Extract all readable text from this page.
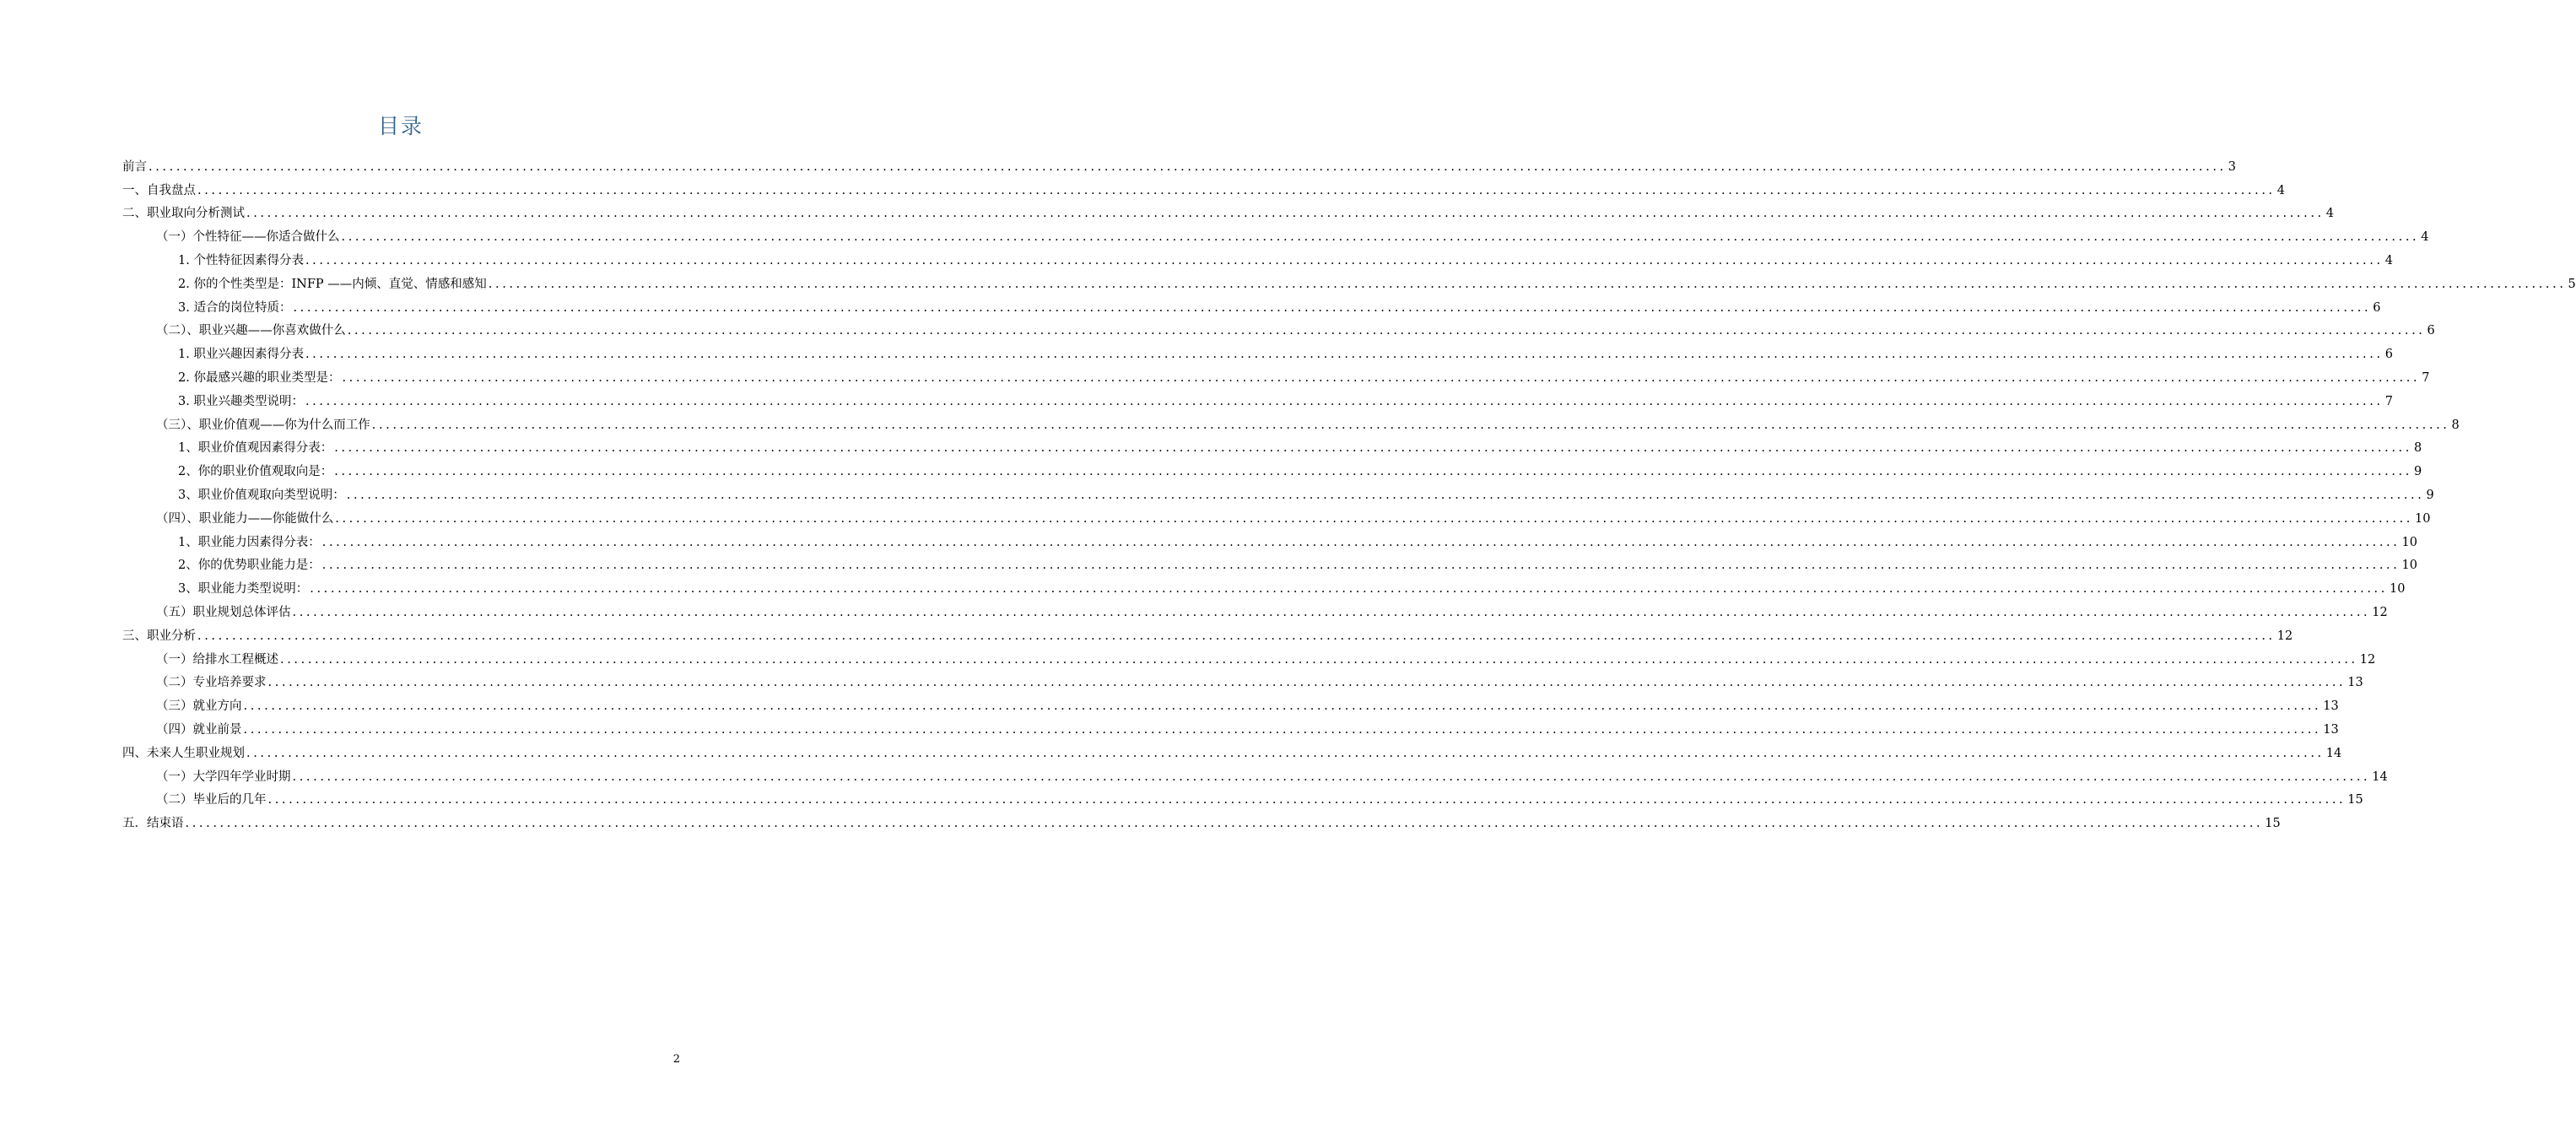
目录
前言 ............................................................................................................................................................................................................................................................................................................ 3
一、自我盘点 ............................................................................................................................................................................................................................................................................................................ 4
二、职业取向分析测试 ............................................................................................................................................................................................................................................................................................................ 4
（一）个性特征——你适合做什么 ............................................................................................................................................................................................................................................................................................................ 4
1. 个性特征因素得分表 ............................................................................................................................................................................................................................................................................................................ 4
2. 你的个性类型是：INFP ——内倾、直觉、情感和感知 ............................................................................................................................................................................................................................................................................................................ 5
3. 适合的岗位特质： ............................................................................................................................................................................................................................................................................................................ 6
（二）、职业兴趣——你喜欢做什么 ............................................................................................................................................................................................................................................................................................................ 6
1. 职业兴趣因素得分表 ............................................................................................................................................................................................................................................................................................................ 6
2. 你最感兴趣的职业类型是： ............................................................................................................................................................................................................................................................................................................ 7
3. 职业兴趣类型说明： ............................................................................................................................................................................................................................................................................................................ 7
（三）、职业价值观——你为什么而工作 ............................................................................................................................................................................................................................................................................................................ 8
1、职业价值观因素得分表： ............................................................................................................................................................................................................................................................................................................ 8
2、你的职业价值观取向是： ............................................................................................................................................................................................................................................................................................................ 9
3、职业价值观取向类型说明： ............................................................................................................................................................................................................................................................................................................ 9
（四）、职业能力——你能做什么 ............................................................................................................................................................................................................................................................................................................ 10
1、职业能力因素得分表： ............................................................................................................................................................................................................................................................................................................ 10
2、你的优势职业能力是： ............................................................................................................................................................................................................................................................................................................ 10
3、职业能力类型说明： ............................................................................................................................................................................................................................................................................................................ 10
（五）职业规划总体评估 ............................................................................................................................................................................................................................................................................................................ 12
三、职业分析 ............................................................................................................................................................................................................................................................................................................ 12
（一）给排水工程概述 ............................................................................................................................................................................................................................................................................................................ 12
（二）专业培养要求 ............................................................................................................................................................................................................................................................................................................ 13
（三）就业方向 ............................................................................................................................................................................................................................................................................................................ 13
（四）就业前景 ............................................................................................................................................................................................................................................................................................................ 13
四、未来人生职业规划 ............................................................................................................................................................................................................................................................................................................ 14
（一）大学四年学业时期 ............................................................................................................................................................................................................................................................................................................ 14
（二）毕业后的几年 ............................................................................................................................................................................................................................................................................................................ 15
五．结束语 ............................................................................................................................................................................................................................................................................................................ 15
2
